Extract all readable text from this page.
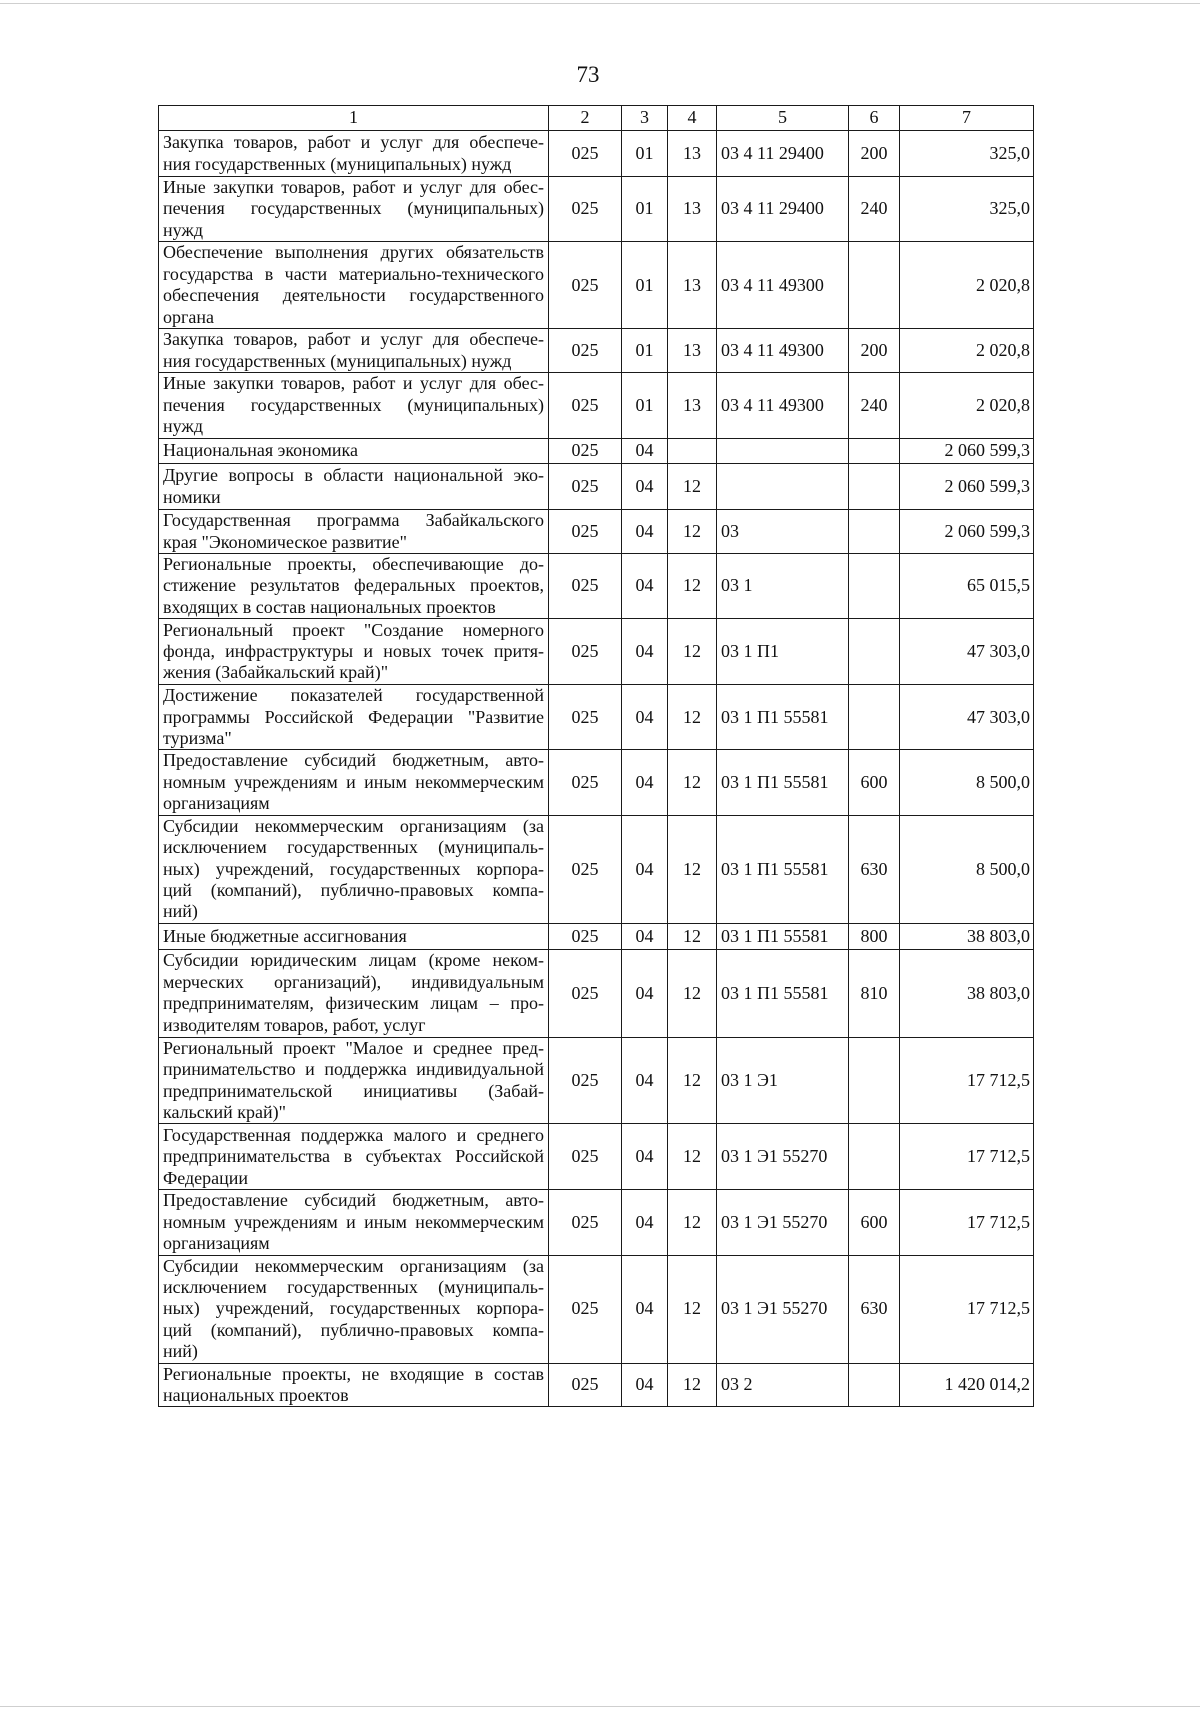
73
1	2	3	4	5	6	7

Закупка товаров, работ и услуг для обеспече-
ния государственных (муниципальных) нужд	025	01	13	03 4 11 29400	200	325,0

Иные закупки товаров, работ и услуг для обес-
печения государственных (муниципальных)
нужд	025	01	13	03 4 11 29400	240	325,0

Обеспечение выполнения других обязательств
государства в части материально-технического
обеспечения деятельности государственного
органа	025	01	13	03 4 11 49300		2 020,8

Закупка товаров, работ и услуг для обеспече-
ния государственных (муниципальных) нужд	025	01	13	03 4 11 49300	200	2 020,8

Иные закупки товаров, работ и услуг для обес-
печения государственных (муниципальных)
нужд	025	01	13	03 4 11 49300	240	2 020,8

Национальная экономика	025	04				2 060 599,3

Другие вопросы в области национальной эко-
номики	025	04	12			2 060 599,3

Государственная программа Забайкальского
края "Экономическое развитие"	025	04	12	03		2 060 599,3

Региональные проекты, обеспечивающие до-
стижение результатов федеральных проектов,
входящих в состав национальных проектов	025	04	12	03 1		65 015,5

Региональный проект "Создание номерного
фонда, инфраструктуры и новых точек притя-
жения (Забайкальский край)"	025	04	12	03 1 П1		47 303,0

Достижение показателей государственной
программы Российской Федерации "Развитие
туризма"	025	04	12	03 1 П1 55581		47 303,0

Предоставление субсидий бюджетным, авто-
номным учреждениям и иным некоммерческим
организациям	025	04	12	03 1 П1 55581	600	8 500,0

Субсидии некоммерческим организациям (за
исключением государственных (муниципаль-
ных) учреждений, государственных корпора-
ций (компаний), публично-правовых компа-
ний)	025	04	12	03 1 П1 55581	630	8 500,0

Иные бюджетные ассигнования	025	04	12	03 1 П1 55581	800	38 803,0

Субсидии юридическим лицам (кроме неком-
мерческих организаций), индивидуальным
предпринимателям, физическим лицам – про-
изводителям товаров, работ, услуг	025	04	12	03 1 П1 55581	810	38 803,0

Региональный проект "Малое и среднее пред-
принимательство и поддержка индивидуальной
предпринимательской инициативы (Забай-
кальский край)"	025	04	12	03 1 Э1		17 712,5

Государственная поддержка малого и среднего
предпринимательства в субъектах Российской
Федерации	025	04	12	03 1 Э1 55270		17 712,5

Предоставление субсидий бюджетным, авто-
номным учреждениям и иным некоммерческим
организациям	025	04	12	03 1 Э1 55270	600	17 712,5

Субсидии некоммерческим организациям (за
исключением государственных (муниципаль-
ных) учреждений, государственных корпора-
ций (компаний), публично-правовых компа-
ний)	025	04	12	03 1 Э1 55270	630	17 712,5

Региональные проекты, не входящие в состав
национальных проектов	025	04	12	03 2		1 420 014,2
